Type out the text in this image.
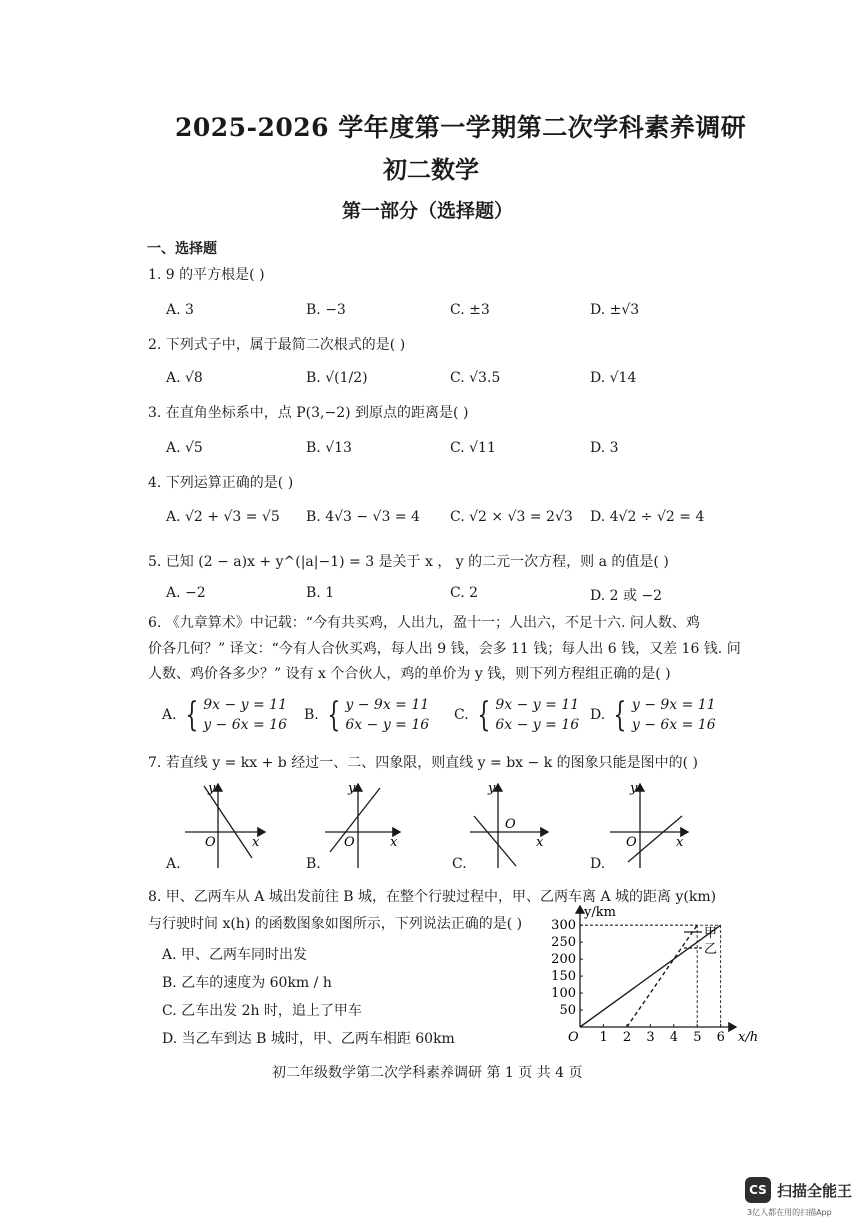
2025-2026 学年度第一学期第二次学科素养调研
初二数学
第一部分（选择题）
一、选择题
1. 9 的平方根是( )
A. 3	B. −3	C. ±3	D. ±√3
2. 下列式子中，属于最简二次根式的是( )
A. √8	B. √(1/2)	C. √3.5	D. √14
3. 在直角坐标系中，点 P(3,−2) 到原点的距离是( )
A. √5	B. √13	C. √11	D. 3
4. 下列运算正确的是( )
A. √2 + √3 = √5 B. 4√3 − √3 = 4 C. √2 × √3 = 2√3 D. 4√2 ÷ √2 = 4
5. 已知 (2 − a)x + y^(|a|−1) = 3 是关于 x ， y 的二元一次方程，则 a 的值是( )
A. −2	B. 1	C. 2	D. 2 或 −2
6. 《九章算术》中记载：“今有共买鸡，人出九，盈十一；人出六，不足十六. 问人数、鸡
价各几何？” 译文：“今有人合伙买鸡，每人出 9 钱，会多 11 钱；每人出 6 钱，又差 16 钱. 问
人数、鸡价各多少？” 设有 x 个合伙人，鸡的单价为 y 钱，则下列方程组正确的是( )
A. { 9x − y = 11
y − 6x = 16
B. { y − 9x = 11
6x − y = 16
C. { 9x − y = 11
6x − y = 16
D. { y − 9x = 11
y − 6x = 16
7. 若直线 y = kx + b 经过一、二、四象限，则直线 y = bx − k 的图象只能是图中的( )
O	x
y
A.
O	x
y
B.
O
x
y
C.
O	x
y
D.
8. 甲、乙两车从 A 城出发前往 B 城，在整个行驶过程中，甲、乙两车离 A 城的距离 y(km)
与行驶时间 x(h) 的函数图象如图所示，下列说法正确的是( )
A. 甲、乙两车同时出发
B. 乙车的速度为 60km / h
C. 乙车出发 2h 时，追上了甲车
D. 当乙车到达 B 城时，甲、乙两车相距 60km	1 2 3 4 5 6
50
100
150
200
250
300
y/km
x/h
O
甲
乙
初二年级数学第二次学科素养调研 第 1 页 共 4 页
CS 扫描全能王
3亿人都在用的扫描App
